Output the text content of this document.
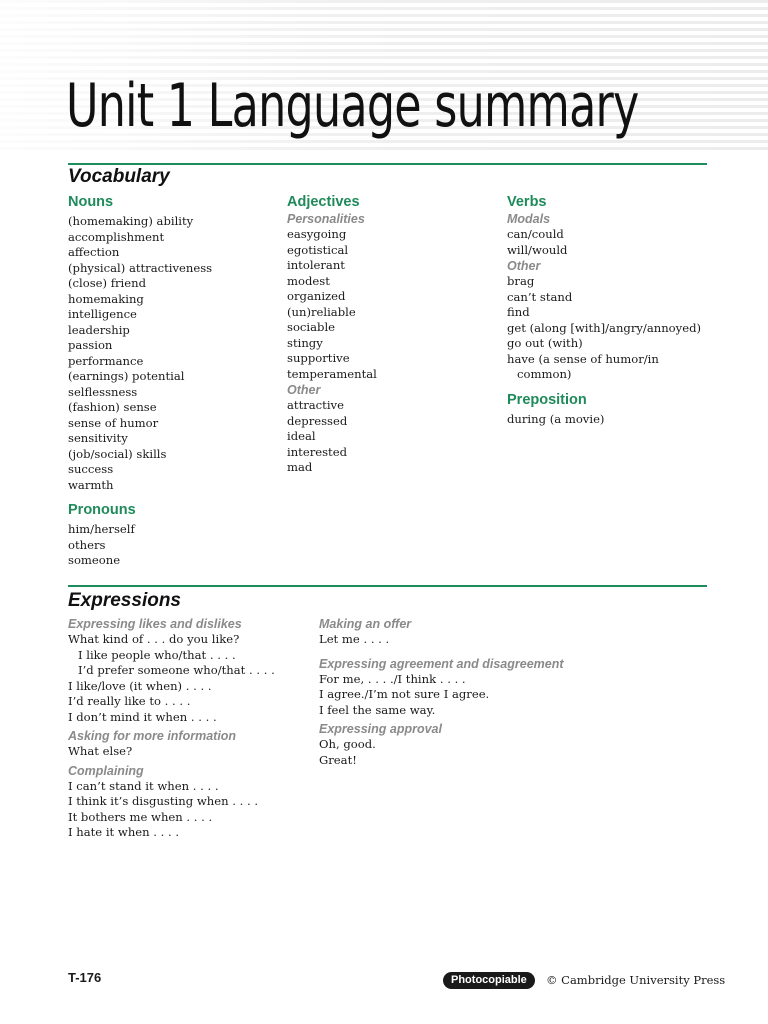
Unit 1 Language summary
Vocabulary
Nouns
(homemaking) ability
accomplishment
affection
(physical) attractiveness
(close) friend
homemaking
intelligence
leadership
passion
performance
(earnings) potential
selflessness
(fashion) sense
sense of humor
sensitivity
(job/social) skills
success
warmth
Pronouns
him/herself
others
someone
Adjectives
Personalities
easygoing
egotistical
intolerant
modest
organized
(un)reliable
sociable
stingy
supportive
temperamental
Other
attractive
depressed
ideal
interested
mad
Verbs
Modals
can/could
will/would
Other
brag
can’t stand
find
get (along [with]/angry/annoyed)
go out (with)
have (a sense of humor/in
common)
Preposition
during (a movie)
Expressions
Expressing likes and dislikes
What kind of . . . do you like?
I like people who/that . . . .
I’d prefer someone who/that . . . .
I like/love (it when) . . . .
I’d really like to . . . .
I don’t mind it when . . . .
Asking for more information
What else?
Complaining
I can’t stand it when . . . .
I think it’s disgusting when . . . .
It bothers me when . . . .
I hate it when . . . .
Making an offer
Let me . . . .
Expressing agreement and disagreement
For me, . . . ./I think . . . .
I agree./I’m not sure I agree.
I feel the same way.
Expressing approval
Oh, good.
Great!
T-176	Photocopiable	© Cambridge University Press
